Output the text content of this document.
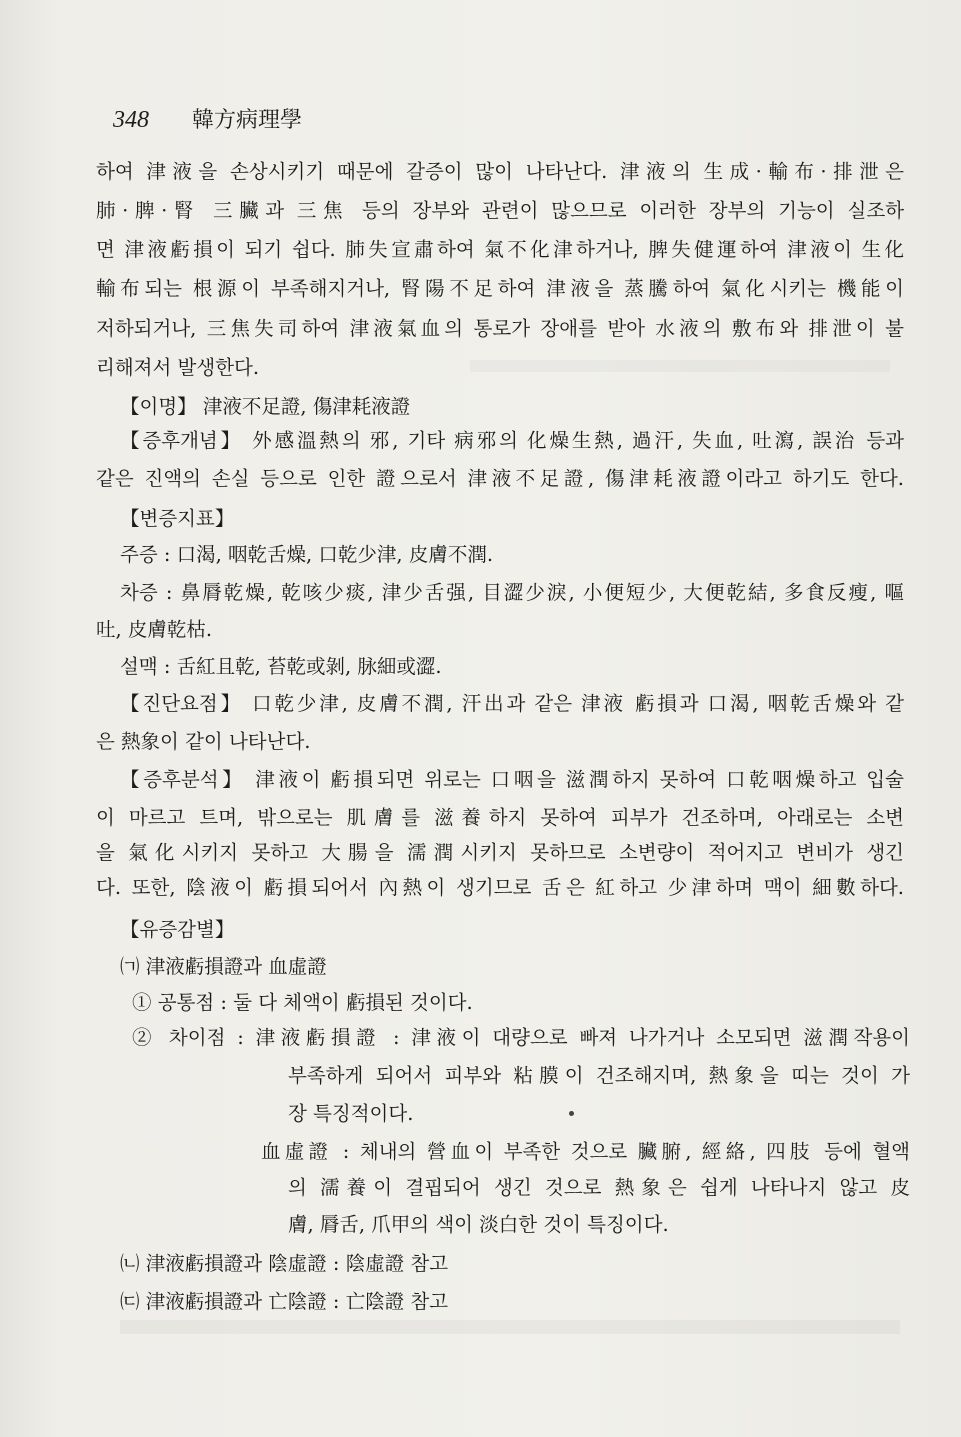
348 韓方病理學
하여 津液을 손상시키기 때문에 갈증이 많이 나타난다. 津液의 生成·輸布·排泄은
肺·脾·腎 三臟과 三焦 등의 장부와 관련이 많으므로 이러한 장부의 기능이 실조하
면 津液虧損이 되기 쉽다. 肺失宣肅하여 氣不化津하거나, 脾失健運하여 津液이 生化
輸布되는 根源이 부족해지거나, 腎陽不足하여 津液을 蒸騰하여 氣化시키는 機能이
저하되거나, 三焦失司하여 津液氣血의 통로가 장애를 받아 水液의 敷布와 排泄이 불
리해져서 발생한다.
【이명】 津液不足證, 傷津耗液證
【증후개념】 外感溫熱의 邪, 기타 病邪의 化燥生熱, 過汗, 失血, 吐瀉, 誤治 등과
같은 진액의 손실 등으로 인한 證으로서 津液不足證, 傷津耗液證이라고 하기도 한다.
【변증지표】
주증 : 口渴, 咽乾舌燥, 口乾少津, 皮膚不潤.
차증 : 鼻脣乾燥, 乾咳少痰, 津少舌强, 目澀少淚, 小便短少, 大便乾結, 多食反瘦, 嘔
吐, 皮膚乾枯.
설맥 : 舌紅且乾, 苔乾或剝, 脉細或澀.
【진단요점】 口乾少津, 皮膚不潤, 汗出과 같은 津液 虧損과 口渴, 咽乾舌燥와 같
은 熱象이 같이 나타난다.
【증후분석】 津液이 虧損되면 위로는 口咽을 滋潤하지 못하여 口乾咽燥하고 입술
이 마르고 트며, 밖으로는 肌膚를 滋養하지 못하여 피부가 건조하며, 아래로는 소변
을 氣化시키지 못하고 大腸을 濡潤시키지 못하므로 소변량이 적어지고 변비가 생긴
다. 또한, 陰液이 虧損되어서 內熱이 생기므로 舌은 紅하고 少津하며 맥이 細數하다.
【유증감별】
㈀ 津液虧損證과 血虛證
① 공통점 : 둘 다 체액이 虧損된 것이다.
② 차이점 : 津液虧損證 : 津液이 대량으로 빠져 나가거나 소모되면 滋潤작용이
부족하게 되어서 피부와 粘膜이 건조해지며, 熱象을 띠는 것이 가
장 특징적이다.
血虛證 : 체내의 營血이 부족한 것으로 臟腑, 經絡, 四肢 등에 혈액
의 濡養이 결핍되어 생긴 것으로 熱象은 쉽게 나타나지 않고 皮
膚, 脣舌, 爪甲의 색이 淡白한 것이 특징이다.
㈁ 津液虧損證과 陰虛證 : 陰虛證 참고
㈂ 津液虧損證과 亡陰證 : 亡陰證 참고
